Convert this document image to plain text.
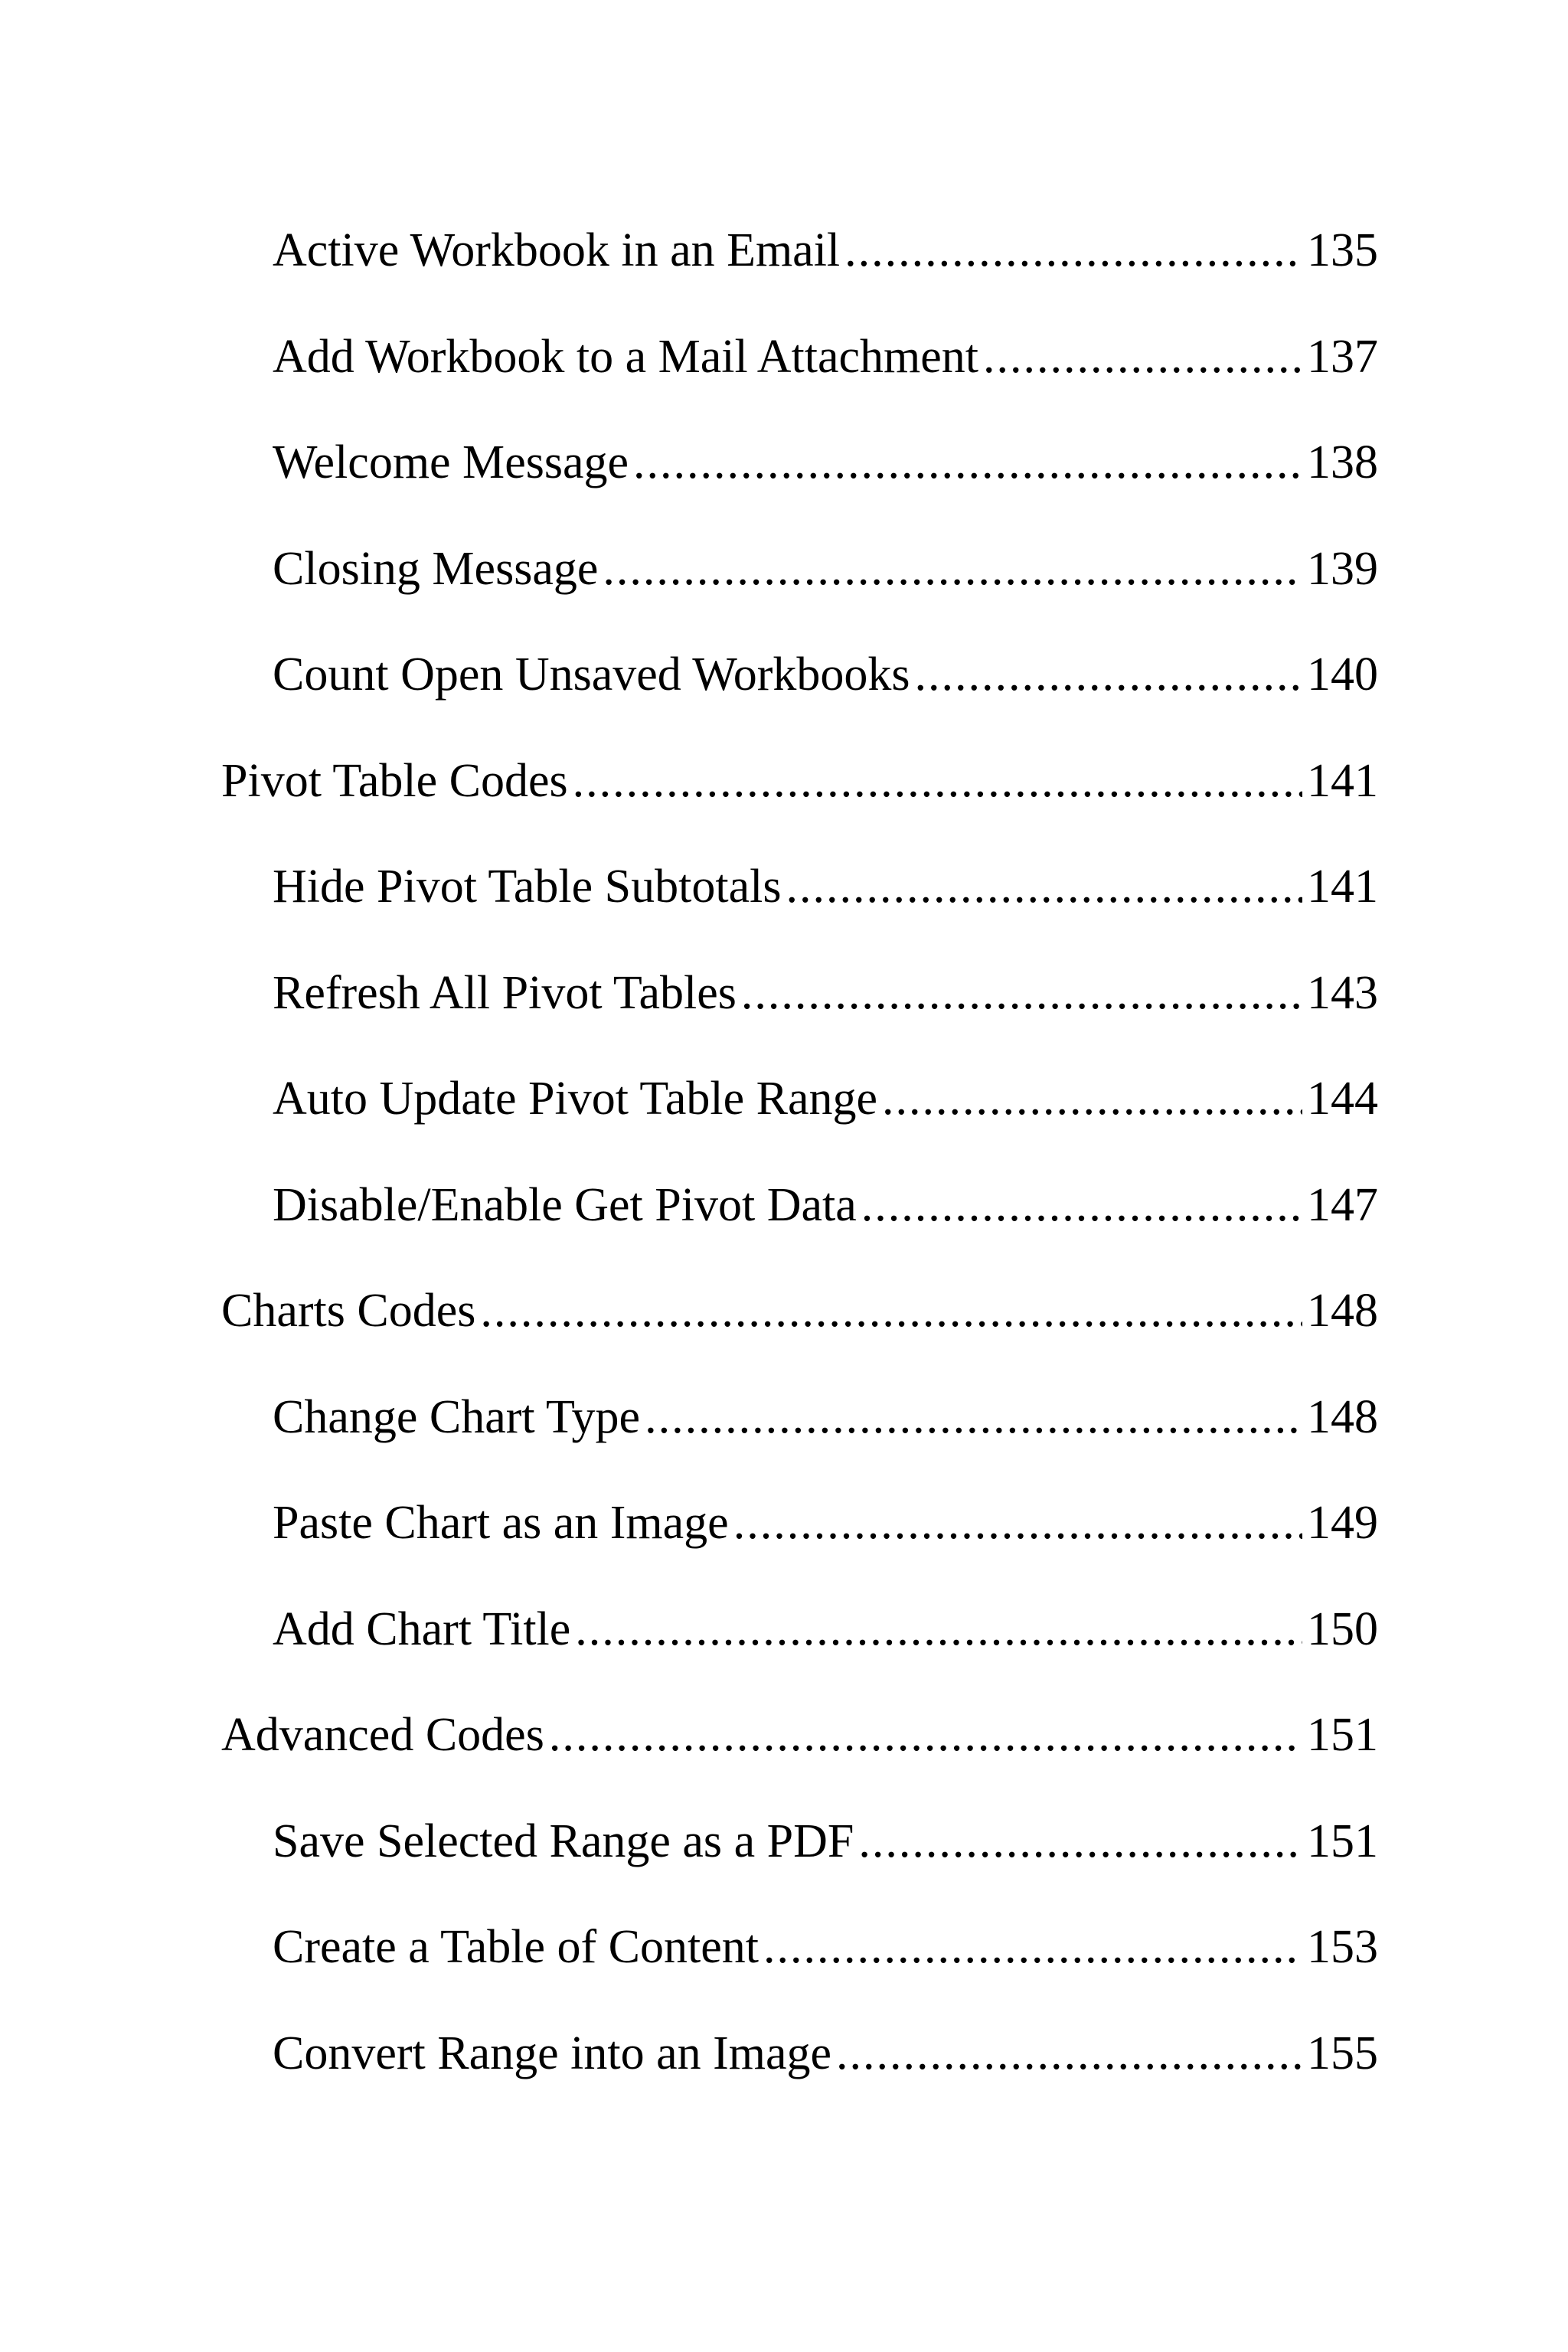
Active Workbook in an Email .....	135
Add Workbook to a Mail Attachment .....	137
Welcome Message .....	138
Closing Message .....	139
Count Open Unsaved Workbooks .....	140
Pivot Table Codes .....	141
Hide Pivot Table Subtotals .....	141
Refresh All Pivot Tables .....	143
Auto Update Pivot Table Range .....	144
Disable/Enable Get Pivot Data .....	147
Charts Codes .....	148
Change Chart Type .....	148
Paste Chart as an Image .....	149
Add Chart Title .....	150
Advanced Codes .....	151
Save Selected Range as a PDF .....	151
Create a Table of Content .....	153
Convert Range into an Image .....	155
